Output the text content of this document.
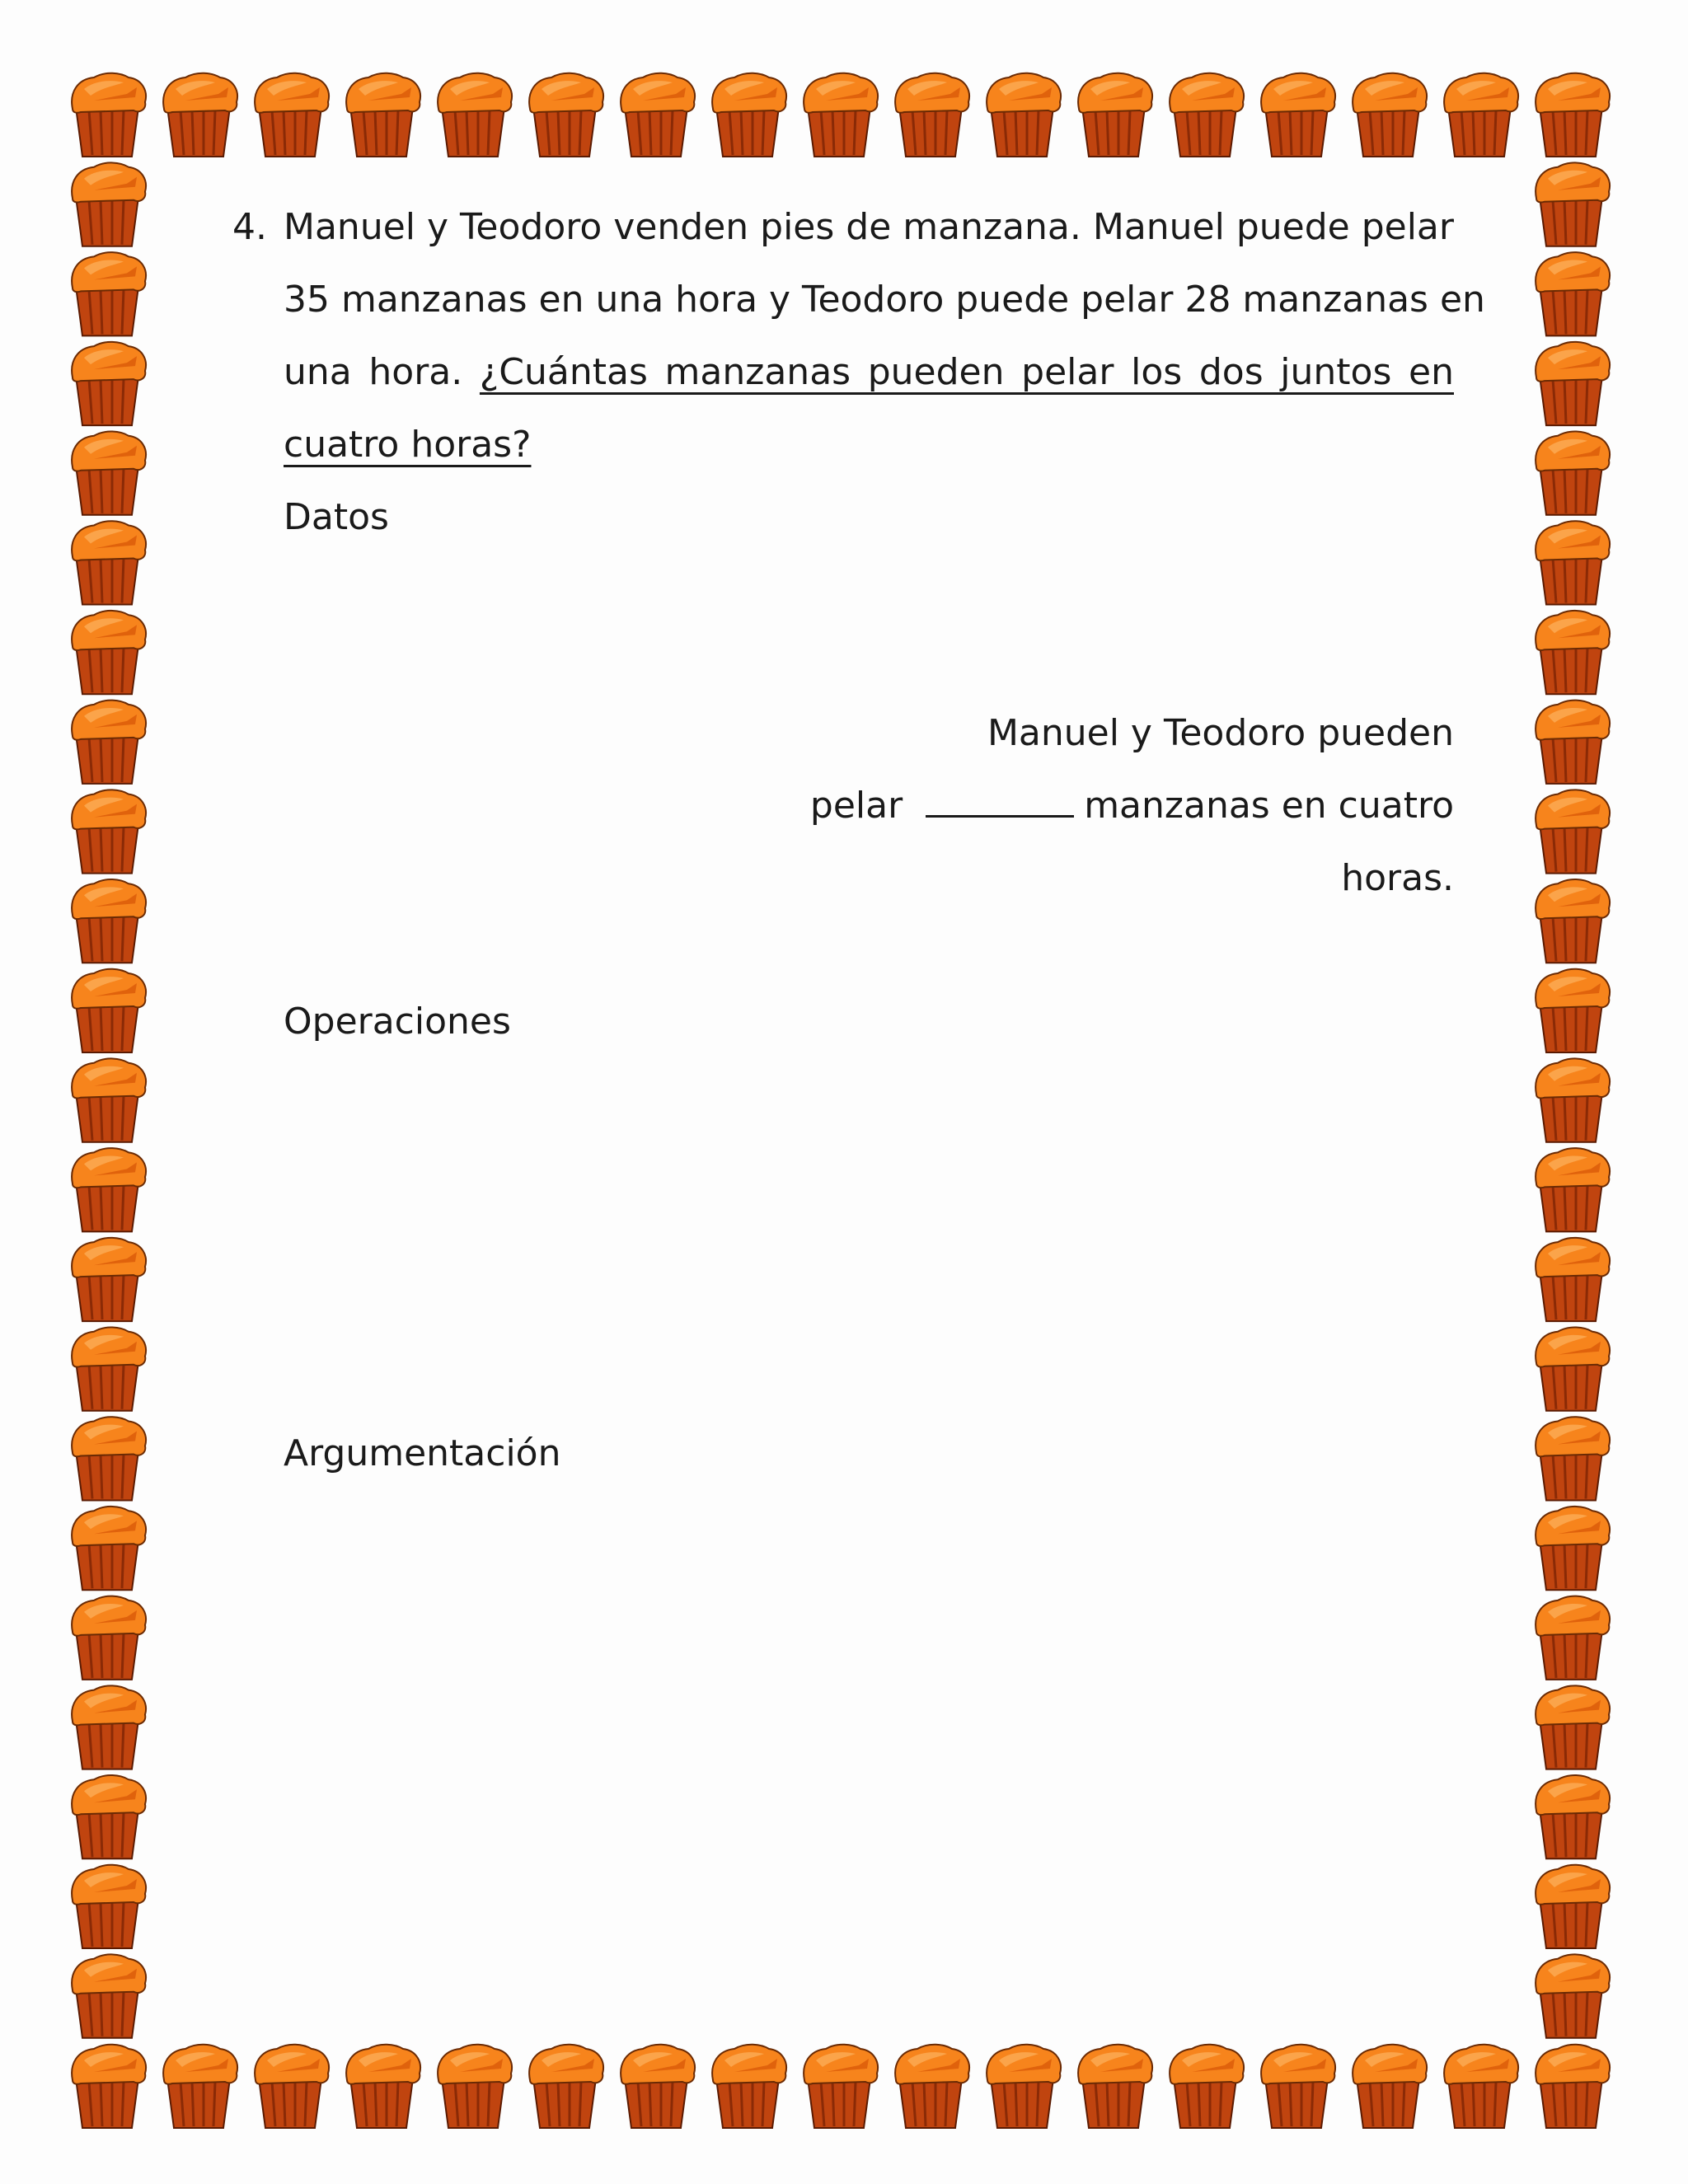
4. Manuel y Teodoro venden pies de manzana. Manuel puede pelar
35 manzanas en una hora y Teodoro puede pelar 28 manzanas en
una hora. ¿Cuántas manzanas pueden pelar los dos juntos en
cuatro horas?
Datos
Manuel y Teodoro pueden
pelar	manzanas en cuatro
horas.
Operaciones
Argumentación
